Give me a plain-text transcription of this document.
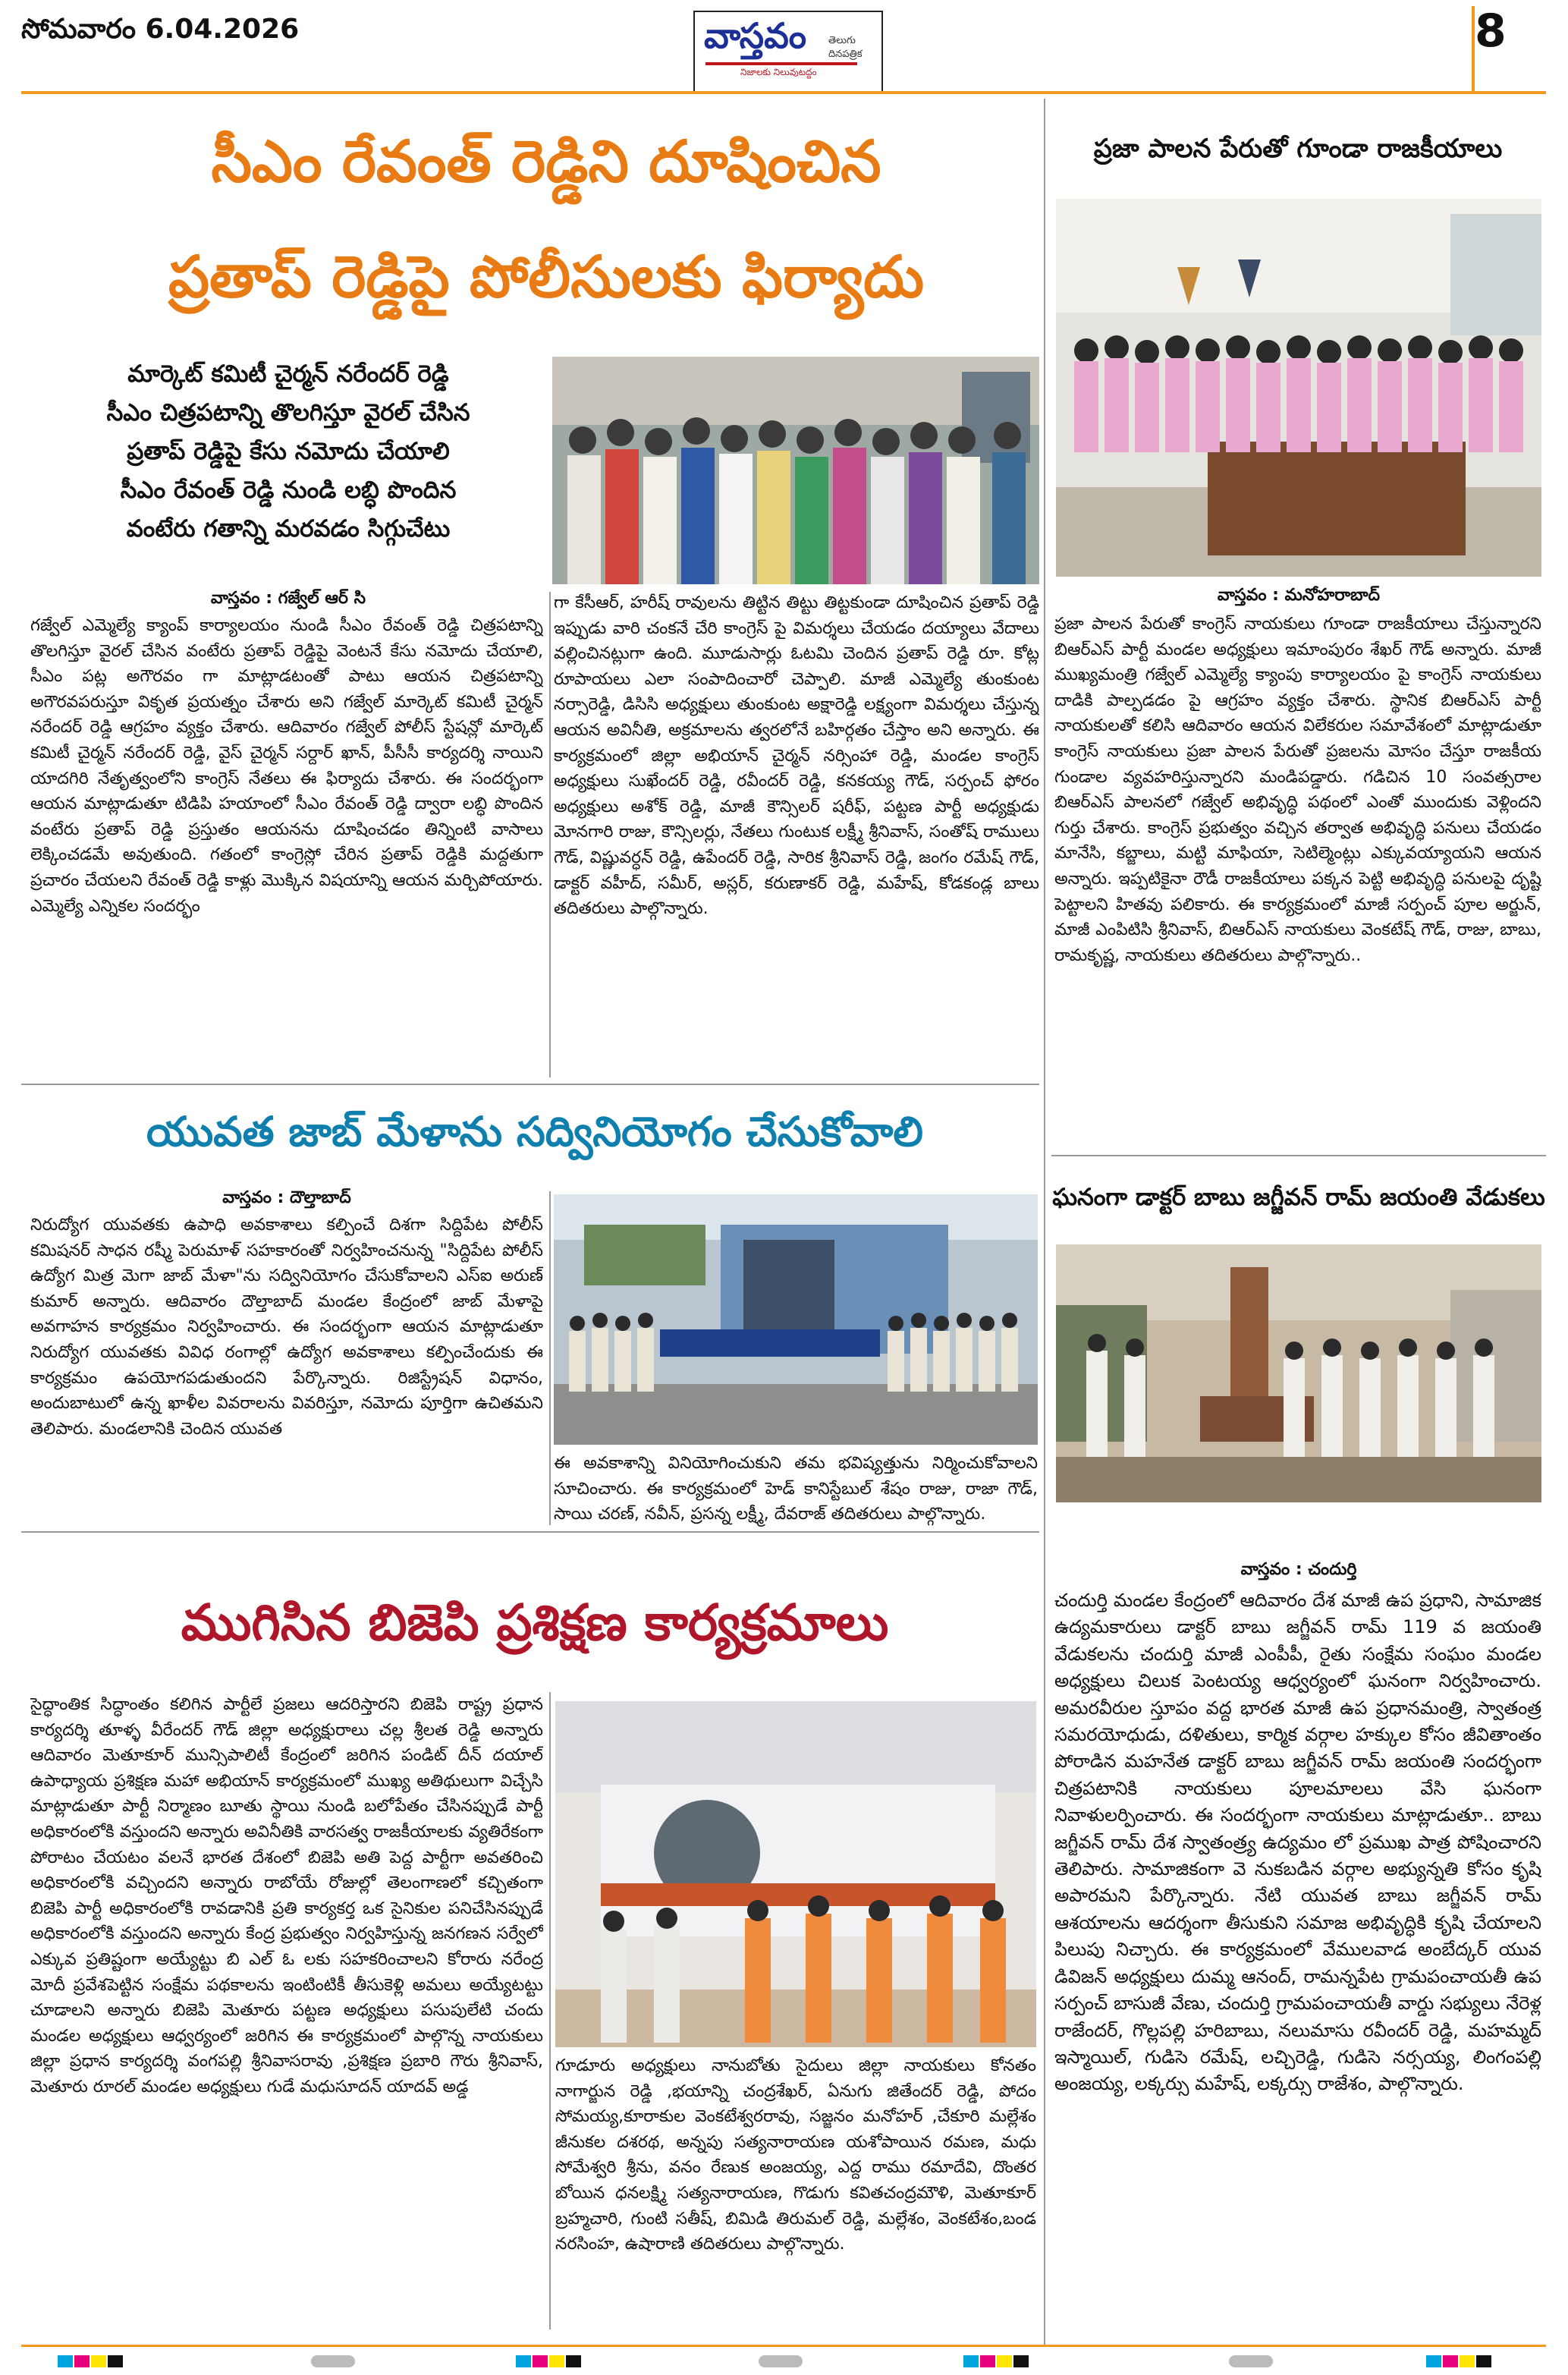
సోమవారం 6.04.2026	వాస్తవం తెలుగు దినపత్రిక
నిజాలకు నిలువుటద్దం
8
సీఎం రేవంత్ రెడ్డిని దూషించిన
ప్రతాప్ రెడ్డిపై పోలీసులకు ఫిర్యాదు
మార్కెట్ కమిటీ చైర్మన్ నరేందర్ రెడ్డి
సీఎం చిత్రపటాన్ని తొలగిస్తూ వైరల్ చేసిన
ప్రతాప్ రెడ్డిపై కేసు నమోదు చేయాలి
సీఎం రేవంత్ రెడ్డి నుండి లబ్ధి పొందిన
వంటేరు గతాన్ని మరవడం సిగ్గుచేటు
వాస్తవం : గజ్వేల్ ఆర్ సి
గజ్వేల్ ఎమ్మెల్యే క్యాంప్ కార్యాలయం నుండి సీఎం రేవంత్ రెడ్డి చిత్రపటాన్ని తొలగిస్తూ వైరల్ చేసిన వంటేరు ప్రతాప్ రెడ్డిపై వెంటనే కేసు నమోదు చేయాలి, సీఎం పట్ల అగౌరవం గా మాట్లాడటంతో పాటు ఆయన చిత్రపటాన్ని అగౌరవపరుస్తూ వికృత ప్రయత్నం చేశారు అని గజ్వేల్ మార్కెట్ కమిటీ చైర్మన్ నరేందర్ రెడ్డి ఆగ్రహం వ్యక్తం చేశారు. ఆదివారం గజ్వేల్ పోలీస్ స్టేషన్లో మార్కెట్ కమిటీ చైర్మన్ నరేందర్ రెడ్డి, వైస్ చైర్మన్ సర్దార్ ఖాన్, పీసీసీ కార్యదర్శి నాయిని యాదగిరి నేతృత్వంలోని కాంగ్రెస్ నేతలు ఈ ఫిర్యాదు చేశారు. ఈ సందర్భంగా ఆయన మాట్లాడుతూ టిడిపి హయాంలో సీఎం రేవంత్ రెడ్డి ద్వారా లబ్ధి పొందిన వంటేరు ప్రతాప్ రెడ్డి ప్రస్తుతం ఆయనను దూషించడం తిన్నింటి వాసాలు లెక్కించడమే అవుతుంది. గతంలో కాంగ్రెస్లో చేరిన ప్రతాప్ రెడ్డికి మద్దతుగా ప్రచారం చేయలని రేవంత్ రెడ్డి కాళ్లు మొక్కిన విషయాన్ని ఆయన మర్చిపోయారు. ఎమ్మెల్యే ఎన్నికల సందర్భం
గా కేసీఆర్, హరీష్ రావులను తిట్టిన తిట్టు తిట్టకుండా దూషించిన ప్రతాప్ రెడ్డి ఇప్పుడు వారి చంకనే చేరి కాంగ్రెస్ పై విమర్శలు చేయడం దయ్యాలు వేదాలు వల్లించినట్లుగా ఉంది. మూడుసార్లు ఓటమి చెందిన ప్రతాప్ రెడ్డి రూ. కోట్ల రూపాయలు ఎలా సంపాదించారో చెప్పాలి. మాజీ ఎమ్మెల్యే తుంకుంట నర్సారెడ్డి, డిసిసి అధ్యక్షులు తుంకుంట అక్షారెడ్డి లక్ష్యంగా విమర్శలు చేస్తున్న ఆయన అవినీతి, అక్రమాలను త్వరలోనే బహిర్గతం చేస్తాం అని అన్నారు. ఈ కార్యక్రమంలో జిల్లా అభియాన్ చైర్మన్ నర్సింహా రెడ్డి, మండల కాంగ్రెస్ అధ్యక్షులు సుఖేందర్ రెడ్డి, రవీందర్ రెడ్డి, కనకయ్య గౌడ్, సర్పంచ్ ఫోరం అధ్యక్షులు అశోక్ రెడ్డి, మాజీ కౌన్సిలర్ షరీఫ్, పట్టణ పార్టీ అధ్యక్షుడు మోనగారి రాజు, కౌన్సిలర్లు, నేతలు గుంటుక లక్ష్మీ శ్రీనివాస్, సంతోష్ రాములు గౌడ్, విష్ణువర్ధన్ రెడ్డి, ఉపేందర్ రెడ్డి, సారిక శ్రీనివాస్ రెడ్డి, జంగం రమేష్ గౌడ్, డాక్టర్ వహీద్, సమీర్, అస్లర్, కరుణాకర్ రెడ్డి, మహేష్, కోడకండ్ల బాలు తదితరులు పాల్గొన్నారు.
ప్రజా పాలన పేరుతో గూండా రాజకీయాలు
వాస్తవం : మనోహరాబాద్
ప్రజా పాలన పేరుతో కాంగ్రెస్ నాయకులు గూండా రాజకీయాలు చేస్తున్నారని బిఆర్ఎస్ పార్టీ మండల అధ్యక్షులు ఇమాంపురం శేఖర్ గౌడ్ అన్నారు. మాజీ ముఖ్యమంత్రి గజ్వేల్ ఎమ్మెల్యే క్యాంపు కార్యాలయం పై కాంగ్రెస్ నాయకులు దాడికి పాల్పడడం పై ఆగ్రహం వ్యక్తం చేశారు. స్థానిక బిఆర్ఎస్ పార్టీ నాయకులతో కలిసి ఆదివారం ఆయన విలేకరుల సమావేశంలో మాట్లాడుతూ కాంగ్రెస్ నాయకులు ప్రజా పాలన పేరుతో ప్రజలను మోసం చేస్తూ రాజకీయ గుండాల వ్యవహరిస్తున్నారని మండిపడ్డారు. గడిచిన 10 సంవత్సరాల బిఆర్ఎస్ పాలనలో గజ్వేల్ అభివృద్ధి పథంలో ఎంతో ముందుకు వెళ్లిందని గుర్తు చేశారు. కాంగ్రెస్ ప్రభుత్వం వచ్చిన తర్వాత అభివృద్ధి పనులు చేయడం మానేసి, కబ్జాలు, మట్టి మాఫియా, సెటిల్మెంట్లు ఎక్కువయ్యాయని ఆయన అన్నారు. ఇప్పటికైనా రౌడీ రాజకీయాలు పక్కన పెట్టి అభివృద్ధి పనులపై దృష్టి పెట్టాలని హితవు పలికారు. ఈ కార్యక్రమంలో మాజీ సర్పంచ్ పూల అర్జున్, మాజీ ఎంపిటిసి శ్రీనివాస్, బిఆర్ఎస్ నాయకులు వెంకటేష్ గౌడ్, రాజు, బాబు, రామకృష్ణ, నాయకులు తదితరులు పాల్గొన్నారు..
యువత జాబ్ మేళాను సద్వినియోగం చేసుకోవాలి
వాస్తవం : దౌల్తాబాద్
నిరుద్యోగ యువతకు ఉపాధి అవకాశాలు కల్పించే దిశగా సిద్దిపేట పోలీస్ కమిషనర్ సాధన రష్మీ పెరుమాళ్ సహకారంతో నిర్వహించనున్న "సిద్దిపేట పోలీస్ ఉద్యోగ మిత్ర మెగా జాబ్ మేళా"ను సద్వినియోగం చేసుకోవాలని ఎస్ఐ అరుణ్ కుమార్ అన్నారు. ఆదివారం దౌల్తాబాద్ మండల కేంద్రంలో జాబ్ మేళాపై అవగాహన కార్యక్రమం నిర్వహించారు. ఈ సందర్భంగా ఆయన మాట్లాడుతూ నిరుద్యోగ యువతకు వివిధ రంగాల్లో ఉద్యోగ అవకాశాలు కల్పించేందుకు ఈ కార్యక్రమం ఉపయోగపడుతుందని పేర్కొన్నారు. రిజిస్ట్రేషన్ విధానం, అందుబాటులో ఉన్న ఖాళీల వివరాలను వివరిస్తూ, నమోదు పూర్తిగా ఉచితమని తెలిపారు. మండలానికి చెందిన యువత
ఈ అవకాశాన్ని వినియోగించుకుని తమ భవిష్యత్తును నిర్మించుకోవాలని సూచించారు. ఈ కార్యక్రమంలో హెడ్ కానిస్టేబుల్ శేషం రాజు, రాజా గౌడ్, సాయి చరణ్, నవీన్, ప్రసన్న లక్ష్మీ, దేవరాజ్ తదితరులు పాల్గొన్నారు.
ఘనంగా డాక్టర్ బాబు జగ్జీవన్ రామ్ జయంతి వేడుకలు
వాస్తవం : చందుర్తి
చందుర్తి మండల కేంద్రంలో ఆదివారం దేశ మాజీ ఉప ప్రధాని, సామాజిక ఉద్యమకారులు డాక్టర్ బాబు జగ్జీవన్ రామ్ 119 వ జయంతి వేడుకలను చందుర్తి మాజీ ఎంపీపీ, రైతు సంక్షేమ సంఘం మండల అధ్యక్షులు చిలుక పెంటయ్య ఆధ్వర్యంలో ఘనంగా నిర్వహించారు. అమరవీరుల స్తూపం వద్ద భారత మాజీ ఉప ప్రధానమంత్రి, స్వాతంత్ర సమరయోధుడు, దళితులు, కార్మిక వర్గాల హక్కుల కోసం జీవితాంతం పోరాడిన మహనేత డాక్టర్ బాబు జగ్జీవన్ రామ్ జయంతి సందర్భంగా చిత్రపటానికి నాయకులు పూలమాలలు వేసి ఘనంగా నివాళులర్పించారు. ఈ సందర్భంగా నాయకులు మాట్లాడుతూ.. బాబు జగ్జీవన్ రామ్ దేశ స్వాతంత్ర్య ఉద్యమం లో ప్రముఖ పాత్ర పోషించారని తెలిపారు. సామాజికంగా వె నుకబడిన వర్గాల అభ్యున్నతి కోసం కృషి అపారమని పేర్కొన్నారు. నేటి యువత బాబు జగ్జీవన్ రామ్ ఆశయాలను ఆదర్శంగా తీసుకుని సమాజ అభివృద్ధికి కృషి చేయాలని పిలుపు నిచ్చారు. ఈ కార్యక్రమంలో వేములవాడ అంబేద్కర్ యువ డివిజన్ అధ్యక్షులు దుమ్మ ఆనంద్, రామన్నపేట గ్రామపంచాయతీ ఉప సర్పంచ్ బాసుజీ వేణు, చందుర్తి గ్రామపంచాయతీ వార్డు సభ్యులు నేరెళ్ల రాజేందర్, గొల్లపల్లి హరిబాబు, నలుమాసు రవీందర్ రెడ్డి, మహమ్మద్ ఇస్మాయిల్, గుడిసె రమేష్, లచ్చిరెడ్డి, గుడిసె నర్సయ్య, లింగంపల్లి అంజయ్య, లక్కర్సు మహేష్, లక్కర్సు రాజేశం, పాల్గొన్నారు.
ముగిసిన బిజెపి ప్రశిక్షణ కార్యక్రమాలు
సైద్ధాంతిక సిద్ధాంతం కలిగిన పార్టీలే ప్రజలు ఆదరిస్తారని బిజెపి రాష్ట్ర ప్రధాన కార్యదర్శి తూళ్ళ వీరేందర్ గౌడ్ జిల్లా అధ్యక్షురాలు చల్ల శ్రీలత రెడ్డి అన్నారు ఆదివారం మెతూకూర్ మున్సిపాలిటీ కేంద్రంలో జరిగిన పండిట్ దీన్ దయాల్ ఉపాధ్యాయ ప్రశిక్షణ మహా అభియాన్ కార్యక్రమంలో ముఖ్య అతిథులుగా విచ్చేసి మాట్లాడుతూ పార్టీ నిర్మాణం బూతు స్థాయి నుండి బలోపేతం చేసినప్పుడే పార్టీ అధికారంలోకి వస్తుందని అన్నారు అవినీతికి వారసత్వ రాజకీయాలకు వ్యతిరేకంగా పోరాటం చేయటం వలనే భారత దేశంలో బిజెపి అతి పెద్ద పార్టీగా అవతరించి అధికారంలోకి వచ్చిందని అన్నారు రాబోయే రోజుల్లో తెలంగాణలో కచ్చితంగా బిజెపి పార్టీ అధికారంలోకి రావడానికి ప్రతి కార్యకర్త ఒక సైనికుల పనిచేసినప్పుడే అధికారంలోకి వస్తుందని అన్నారు కేంద్ర ప్రభుత్వం నిర్వహిస్తున్న జనగణన సర్వేలో ఎక్కువ ప్రతిష్టంగా అయ్యేట్టు బి ఎల్ ఓ లకు సహకరించాలని కోరారు నరేంద్ర మోదీ ప్రవేశపెట్టిన సంక్షేమ పథకాలను ఇంటింటికీ తీసుకెళ్లి అమలు అయ్యేటట్టు చూడాలని అన్నారు బిజెపి మెతూరు పట్టణ అధ్యక్షులు పసుపులేటి చందు మండల అధ్యక్షులు ఆధ్వర్యంలో జరిగిన ఈ కార్యక్రమంలో పాల్గొన్న నాయకులు జిల్లా ప్రధాన కార్యదర్శి వంగపల్లి శ్రీనివాసరావు ,ప్రశిక్షణ ప్రబారి గౌరు శ్రీనివాస్, మెతూరు రూరల్ మండల అధ్యక్షులు గుడే మధుసూదన్ యాదవ్ అడ్డ
గూడూరు అధ్యక్షులు నానుబోతు సైదులు జిల్లా నాయకులు కోనతం నాగార్జున రెడ్డి ,భయాన్ని చంద్రశేఖర్, ఏనుగు జితేందర్ రెడ్డి, పోదం సోమయ్య,కూరాకుల వెంకటేశ్వరరావు, సజ్జనం మనోహర్ ,చేకూరి మల్లేశం జీనుకల దశరథ, అన్నపు సత్యనారాయణ యశోపాయిన రమణ, మధు సోమేశ్వరి శ్రీను, వనం రేణుక అంజయ్య, ఎద్ద రాము రమాదేవి, దొంతర బోయిన ధనలక్ష్మి సత్యనారాయణ, గొడుగు కవితచంద్రమౌళి, మెతూకూర్ బ్రహ్మచారి, గుంటి సతీష్, బిమిడి తిరుమల్ రెడ్డి, మల్లేశం, వెంకటేశం,బండ నరసింహ, ఉషారాణి తదితరులు పాల్గొన్నారు.
